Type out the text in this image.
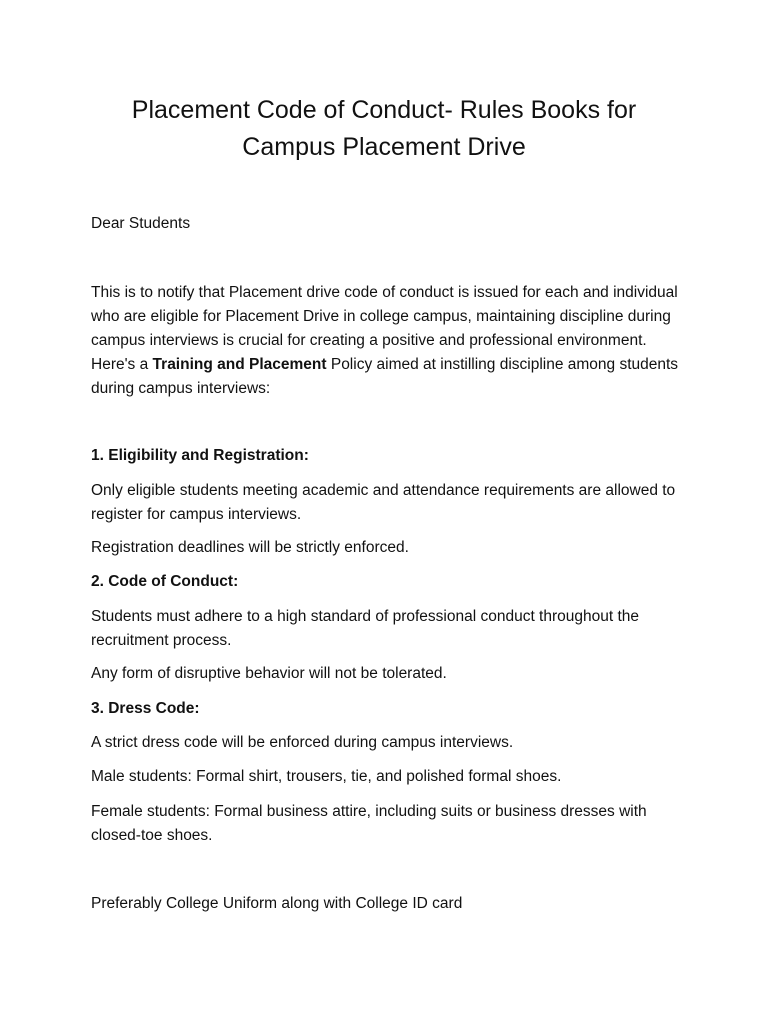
Placement Code of Conduct- Rules Books for
Campus Placement Drive

Dear Students

This is to notify that Placement drive code of conduct is issued for each and individual who are eligible for Placement Drive in college campus, maintaining discipline during campus interviews is crucial for creating a positive and professional environment. Here's a Training and Placement Policy aimed at instilling discipline among students during campus interviews:

1. Eligibility and Registration:

Only eligible students meeting academic and attendance requirements are allowed to register for campus interviews.

Registration deadlines will be strictly enforced.

2. Code of Conduct:

Students must adhere to a high standard of professional conduct throughout the recruitment process.

Any form of disruptive behavior will not be tolerated.

3. Dress Code:

A strict dress code will be enforced during campus interviews.

Male students: Formal shirt, trousers, tie, and polished formal shoes.

Female students: Formal business attire, including suits or business dresses with closed-toe shoes.

Preferably College Uniform along with College ID card
